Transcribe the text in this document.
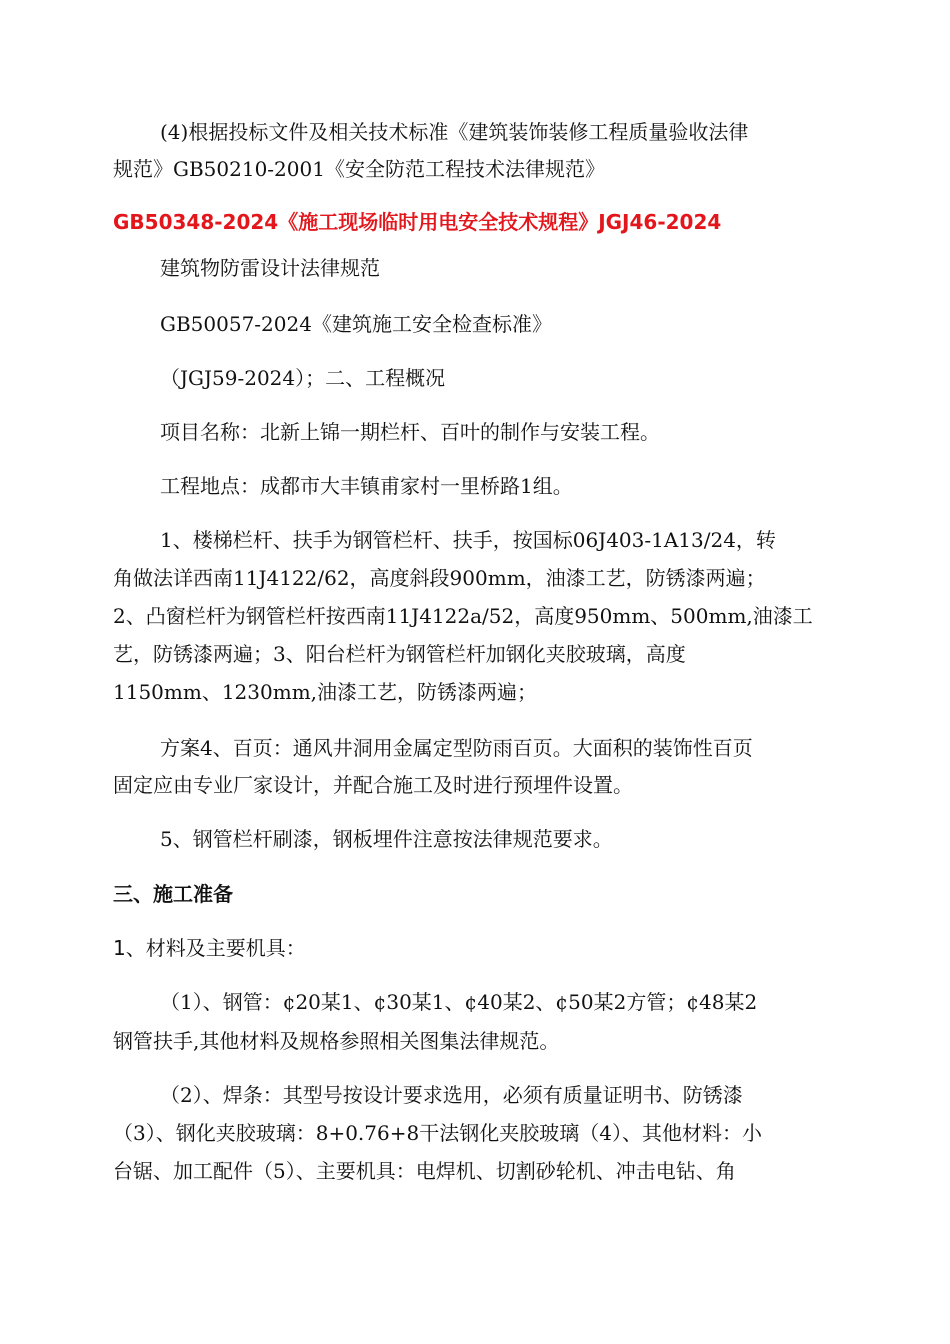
(4)根据投标文件及相关技术标准《建筑装饰装修工程质量验收法律
规范》GB50210-2001《安全防范工程技术法律规范》
GB50348-2024《施工现场临时用电安全技术规程》JGJ46-2024
建筑物防雷设计法律规范
GB50057-2024《建筑施工安全检查标准》
（JGJ59-2024）；二、工程概况
项目名称：北新上锦一期栏杆、百叶的制作与安装工程。
工程地点：成都市大丰镇甫家村一里桥路1组。
1、楼梯栏杆、扶手为钢管栏杆、扶手，按国标06J403-1A13/24，转
角做法详西南11J4122/62，高度斜段900mm，油漆工艺，防锈漆两遍；
2、凸窗栏杆为钢管栏杆按西南11J4122a/52，高度950mm、500mm,油漆工
艺，防锈漆两遍；3、阳台栏杆为钢管栏杆加钢化夹胶玻璃，高度
1150mm、1230mm,油漆工艺，防锈漆两遍；
方案4、百页：通风井洞用金属定型防雨百页。大面积的装饰性百页
固定应由专业厂家设计，并配合施工及时进行预埋件设置。
5、钢管栏杆刷漆，钢板埋件注意按法律规范要求。
三、施工准备
1、材料及主要机具：
（1）、钢管：¢20某1、¢30某1、¢40某2、¢50某2方管；¢48某2
钢管扶手,其他材料及规格参照相关图集法律规范。
（2）、焊条：其型号按设计要求选用，必须有质量证明书、防锈漆
（3）、钢化夹胶玻璃：8+0.76+8干法钢化夹胶玻璃（4）、其他材料：小
台锯、加工配件（5）、主要机具：电焊机、切割砂轮机、冲击电钻、角
